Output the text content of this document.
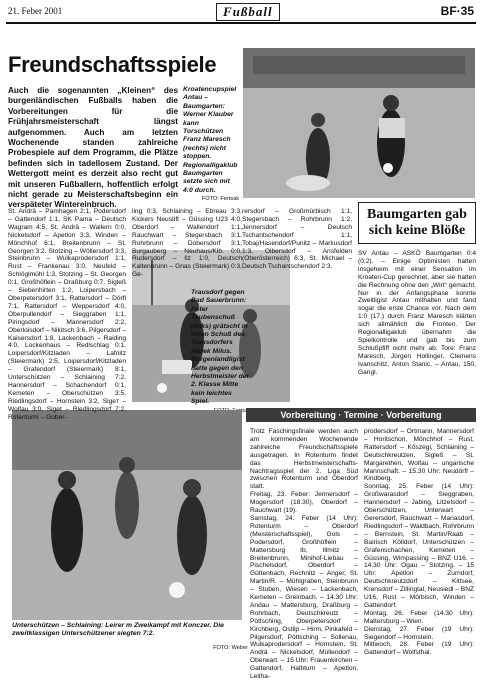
21. Feber 2001	Fußball	BF·35
Freundschaftsspiele

Auch die sogenannten „Kleinen“ des burgenländischen Fußballs haben die Vorbereitungen für die Frühjahrsmeisterschaft längst aufgenommen. Auch am letzten Wochenende standen zahlreiche Probespiele auf dem Programm, die Plätze befinden sich in tadellosem Zustand. Der Wettergott meint es derzeit also recht gut mit unseren Fußballern, hoffentlich erfolgt nicht gerade zu Meisterschaftsbeginn ein verspäteter Wintereinbruch.

Kroatencupspiel Antau – Baumgarten: Werner Klauber kann Torschützen Franz Maresch (rechts) nicht stoppen. Regionalligaklub Baumgarten setzte sich mit 4:0 durch.
FOTO: Fertsak
Trausdorf gegen Bad Sauerbrunn: Peter Taubenschuß (links) grätscht in einen Schuß des Trausdorfers Marek Milus. Burgenlandligist hatte gegen den Herbstmeister der 2. Klasse Mitte kein leichtes Spiel.
Unterschützen – Schlaining: Leirer m Zweikampf mit Konczer. Die zweitklassigen Unterschützener siegten 7:2.
FOTO: Weber
St. Andrä – Pamhagen 2:1, Podersdorf – Gattendorf 1:1, SK Pama – Deutsch Wagram 4:5, St. Andrä – Wallern 0:0, Nickelsdorf – Apetlon 3:3, Winden – Mönchhof 6:1, Breitenbrunn – St. Georgen 3:2. Stotzing – Wöllersdorf 3:3, Steinbrunn – Wulkaprodersdorf 1:1, Rust – Frankenau 3:0, Neufeld – Schlöglmühl 1:3, Stotzing – St. Georgen 0:1, Großhöflein – Draßburg 0:7. Sigleß – Siebenhirten 1:2, Loipersbach – Oberpetersdorf 3:1, Rattersdorf – Dörfl 7:1, Rattersdorf – Weppersdorf 4:0, Oberpullendorf – Sieggraben 1:1, Piringsdorf – Mannersdorf 2:2, Oberloisdorf – Nikitsch 3:6, Pilgersdorf – Kaisersdorf 1:8, Lackenbach – Raiding 4:0, Lockenhaus – Redlschlag 0:1. Loipersdorf/Kitzladen – Lafnitz (Steiermark) 2:5, Loipersdorf/Kitzladen – Grafendorf (Steiermark) 8:1, Unterschützen – Schlaining 7:2, Hannersdorf – Schachendorf 0:1, Kemeten – Oberschützen 3:5, Riedlingsdorf – Hornstein 3:2, Sigeт – Wolfau 3:0, Siget – Riedlingsdorf 7:2, Rotenturm – Gober-
ling 0:3, Schlaining – Ebreau 3:3. Kickers Neustift – Güssing U23 4:0, Oberdorf – Wallendorf 1:1, Rauchwart – Stegersbach 3:1, Rohrbrunn – Dobersdorf 3:1, Burgauberg – Neuhaus/Klb. 0:0, Rudersdorf – Ilz 1:0, Deutsch Kaltenbrunn – Gnas (Steiermark) 0:3, Ge-
rersdorf – Großmürbisch 1:1, Stegersbach – Rohrbrunn 1:2, Jennersdorf – Deutsch Tschantschendorf 1:1, Tobaj/Hasendorf/Punitz – Markusdorf 1:3, Olbersdorf – Ansfelden (Oberösterreich) 6:3, St. Michael – Deutsch Tschantschendorf 2:3.
Baumgarten gab sich keine Blöße
SV Antau – ASKÖ Baumgarten 0:4 (0:2). – Einige Optimisten hatten insgeheim mit einer Sensation im Kroaten-Cup gerechnet, aber sie hatten die Rechnung ohne den „Wirt“ gemacht. Nur in der Anfangsphase konnte Zweitligist Antau mithalten und fand sogar die erste Chance vor. Nach dem 1:0 (17.) durch Franz Maresch klärten sich allmählich die Fronten. Der Regionalligaklub übernahm die Spielkontrolle und gab bis zum Schlußpfiff nicht mehr ab. Tore: Franz Maresch, Jürgen Hollinger, Clemens Ivanschitz, Anton Stanic. – Antau, 150, Gangl.
Vorbereitung · Termine · Vorbereitung
Trotz Faschingsfinale werden auch am kommenden Wochenende zahlreiche Freundschaftsspiele ausgetragen. In Rotenturm findet das Herbstmeisterschafts-Nachtragsspiel der 2. Liga Süd zwischen Rotenturm und Oberdorf statt.
Freitag, 23. Feber: Jennersdorf – Mogersdorf (18.30), Oberdorf – Rauchwart (19).
Samstag, 24. Feber (14 Uhr): Rotenturm – Oberdorf (Meisterschaftsspiel), Gols – Podersdorf, Großhöflein – Mattersburg Ib, Illmitz – Breitenbrunn, Minihof-Liebau – Pischelsdorf, Oberdorf – Güttenbach, Rechnitz – Anger, St. Martin/R. – Mühlgraben, Steinbrunn – Stuben, Wiesen – Lackenbach, Kemeten – Greinbach. – 14.30 Uhr: Andau – Mattersburg, Draßburg – Rohrbach, Deutschkreutz – Pöttsching, Oberpetersdorf – Kirchberg, Ostlip – Hirm, Pinkafeld – Pilgersdorf, Pöttsching – Sollenau, Wulkaprodersdorf – Hornstein, St. Andrä – Nickelsdorf, Müllendorf – Oberwart. – 15 Uhr: Frauenkirchen – Gattendorf, Halbturn – Apetlon, Leitha-
prodersdorf – Ortmann, Mannersdorf – Horitschon, Mönchhof – Rust, Rattersdorf – Kőszegi, Schlaining – Deutschkreutzen, Sigleß – St. Margarethen, Wolfau – ungarische Mannschaft. – 15.30 Uhr: Neudörfl – Kindberg.
Sonntag, 25. Feber (14 Uhr): Großwarasdorf – Sieggraben, Hannersdorf – Jabing, Litzelsdorf – Oberschützen, Unterwart – Gerersdorf, Rauchwart – Mariasdorf, Riedlingsdorf – Waldbach, Rohrbrunn – Bernstein, St. Martin/Raab – Bairisch Kölldorf, Unterschützen – Grafenschachen, Kemeten – Güssing, Wimpassing – BNZ U16. – 14.30 Uhr: Ogau – Stotzing. – 15 Uhr: Apetlon – Zurndorf, Deutschkreutzdorf – Kittsee, Krensdorf – Zillingtal, Neusiedl – BNZ U16, Rust – Mörbisch, Winden – Gattendorf.
Montag, 26. Feber (14.30 Uhr): Mattersburg – Wien.
Dienstag, 27. Feber (19 Uhr): Siegendorf – Hornstein.
Mittwoch, 28. Feber (19 Uhr): Gattendorf – Wolfsthal.
